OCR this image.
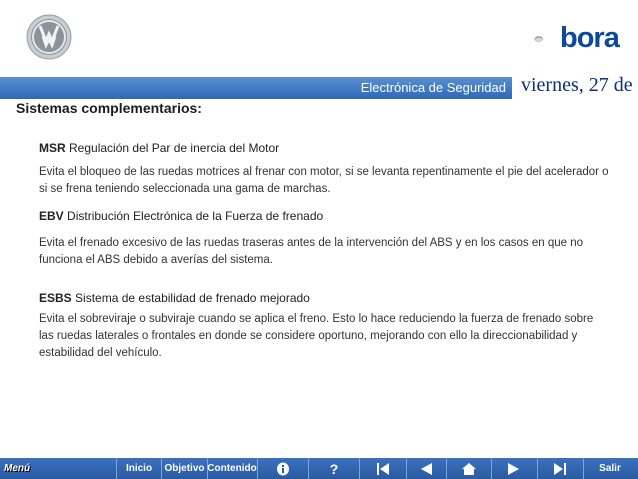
bora
Electrónica de Seguridad viernes, 27 de
Sistemas complementarios:
MSR Regulación del Par de inercia del Motor
Evita el bloqueo de las ruedas motrices al frenar con motor, si se levanta repentinamente el pie del acelerador o si se frena teniendo seleccionada una gama de marchas.
EBV Distribución Electrónica de la Fuerza de frenado
Evita el frenado excesivo de las ruedas traseras antes de la intervención del ABS y en los casos en que no funciona el ABS debido a averías del sistema.
ESBS Sistema de estabilidad de frenado mejorado
Evita el sobreviraje o subviraje cuando se aplica el freno. Esto lo hace reduciendo la fuerza de frenado sobre las ruedas laterales o frontales en donde se considere oportuno, mejorando con ello la direccionabilidad y estabilidad del vehículo.
Menú	Inicio	Objetivo Contenido	?	Salir
